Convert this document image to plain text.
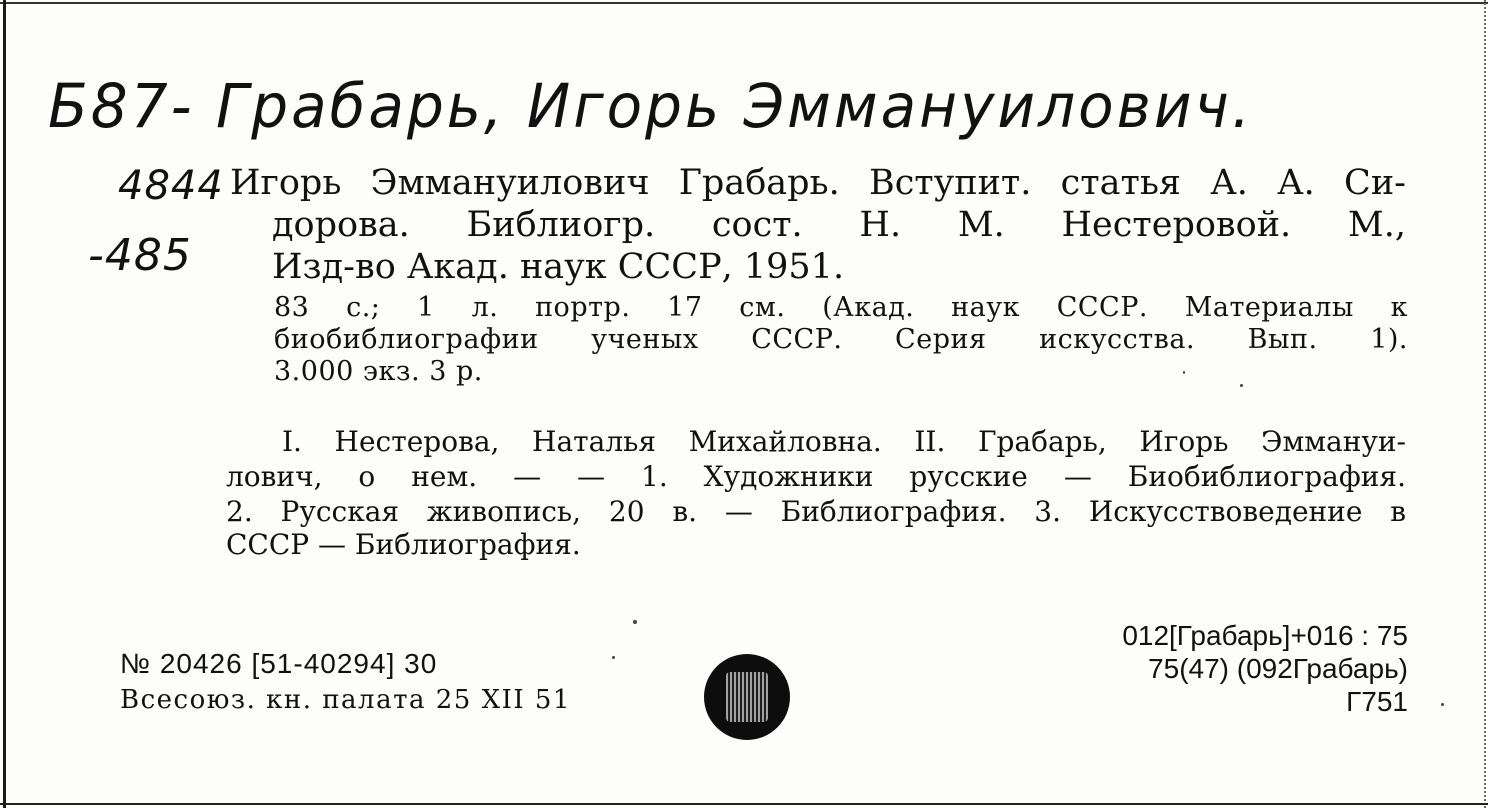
Б87- Грабарь, Игорь Эммануилович.
4844
-485
Игорь Эммануилович Грабарь. Вступит. статья А. А. Си-
дорова. Библиогр. сост. Н. М. Нестеровой. М.,
Изд-во Акад. наук СССР, 1951.
83 с.; 1 л. портр. 17 см. (Акад. наук СССР. Материалы к
биобиблиографии ученых СССР. Серия искусства. Вып. 1).
3.000 экз. 3 р.
I. Нестерова, Наталья Михайловна. II. Грабарь, Игорь Эммануи-
лович, о нем. — — 1. Художники русские — Биобиблиография.
2. Русская живопись, 20 в. — Библиография. 3. Искусствоведение в
СССР — Библиография.
№ 20426 [51-40294] 30
Всесоюз. кн. палата 25 XII 51
012[Грабарь]+016 : 75
75(47) (092Грабарь)
Г751
